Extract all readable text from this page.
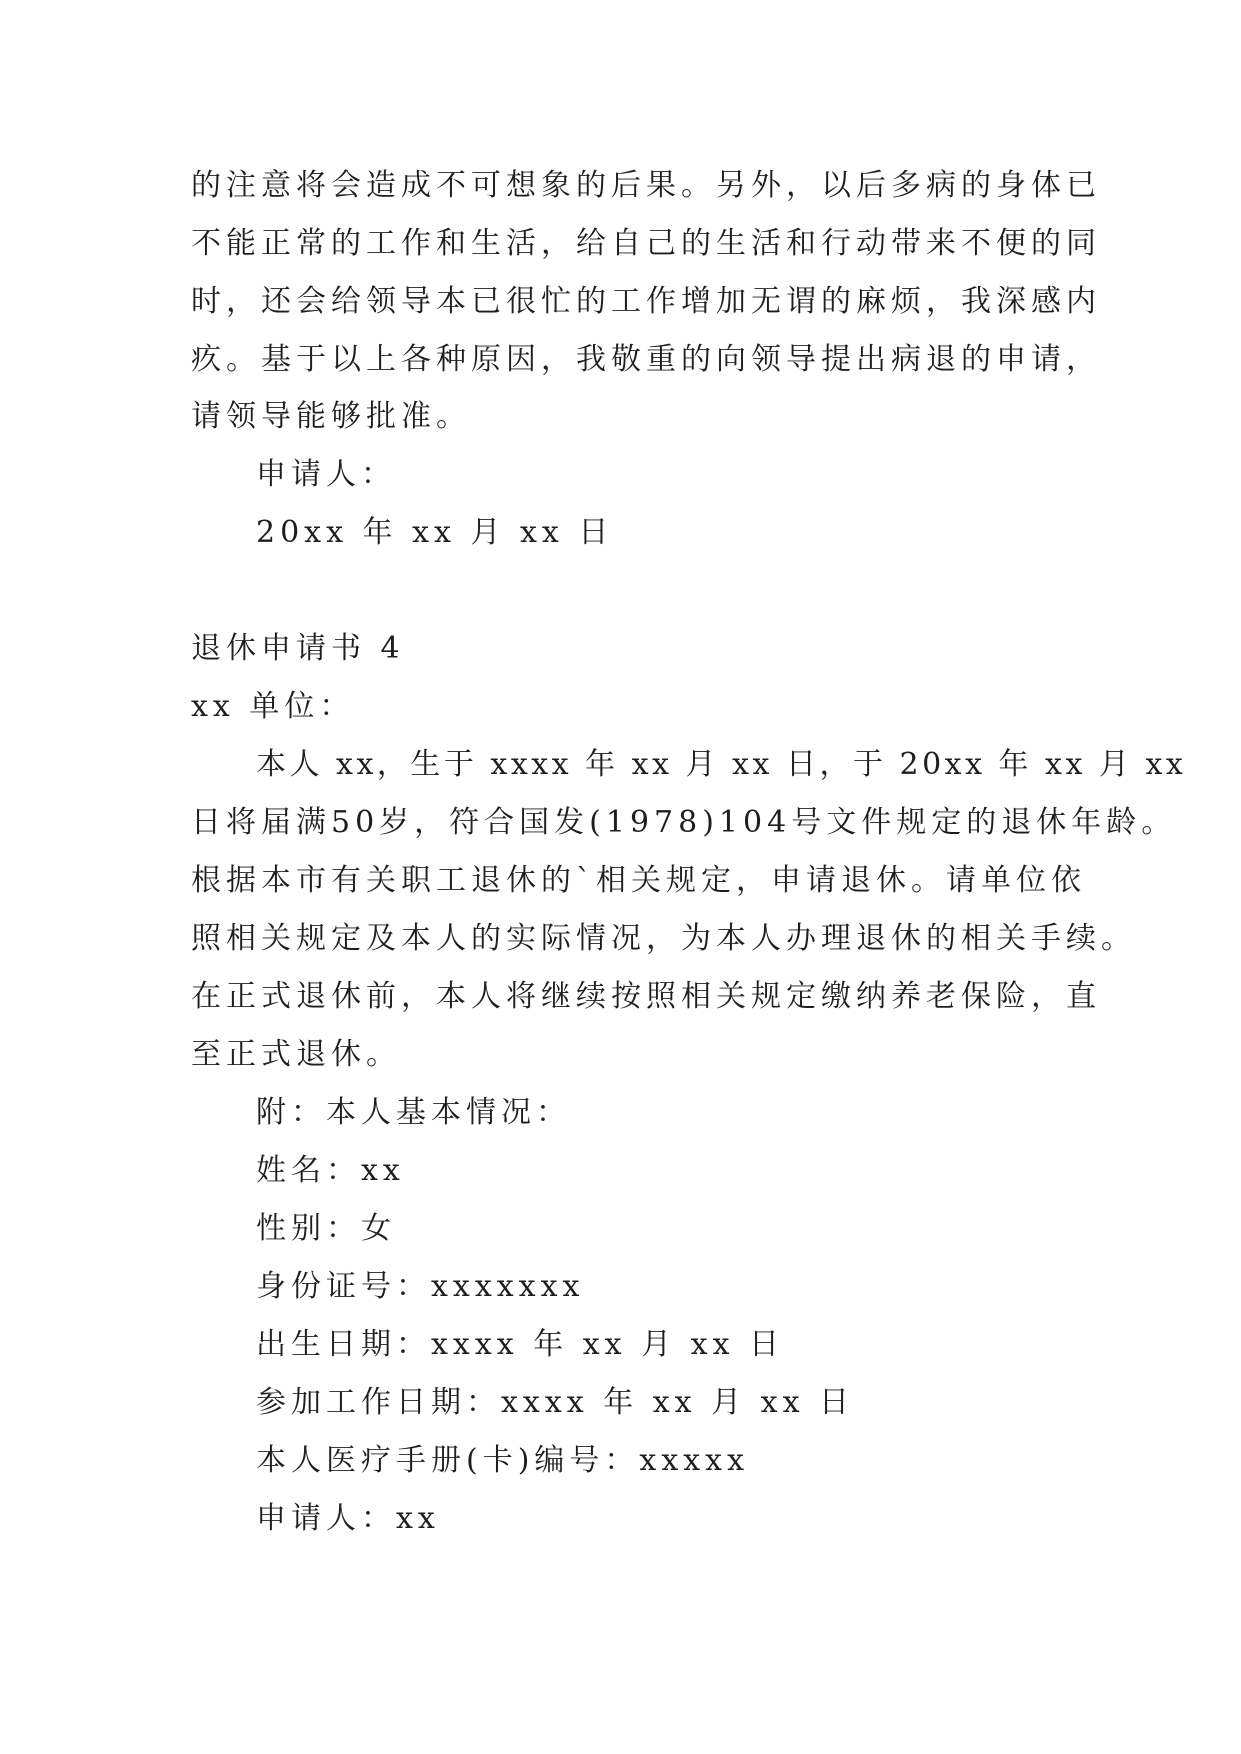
的注意将会造成不可想象的后果。另外，以后多病的身体已
不能正常的工作和生活，给自己的生活和行动带来不便的同
时，还会给领导本已很忙的工作增加无谓的麻烦，我深感内
疚。基于以上各种原因，我敬重的向领导提出病退的申请，
请领导能够批准。
申请人：
20xx 年 xx 月 xx 日
退休申请书 4
xx 单位：
本人 xx，生于 xxxx 年 xx 月 xx 日，于 20xx 年 xx 月 xx
日将届满50岁，符合国发(1978)104号文件规定的退休年龄。
根据本市有关职工退休的`相关规定，申请退休。请单位依
照相关规定及本人的实际情况，为本人办理退休的相关手续。
在正式退休前，本人将继续按照相关规定缴纳养老保险，直
至正式退休。
附：本人基本情况：
姓名：xx
性别：女
身份证号：xxxxxxx
出生日期：xxxx 年 xx 月 xx 日
参加工作日期：xxxx 年 xx 月 xx 日
本人医疗手册(卡)编号：xxxxx
申请人：xx
